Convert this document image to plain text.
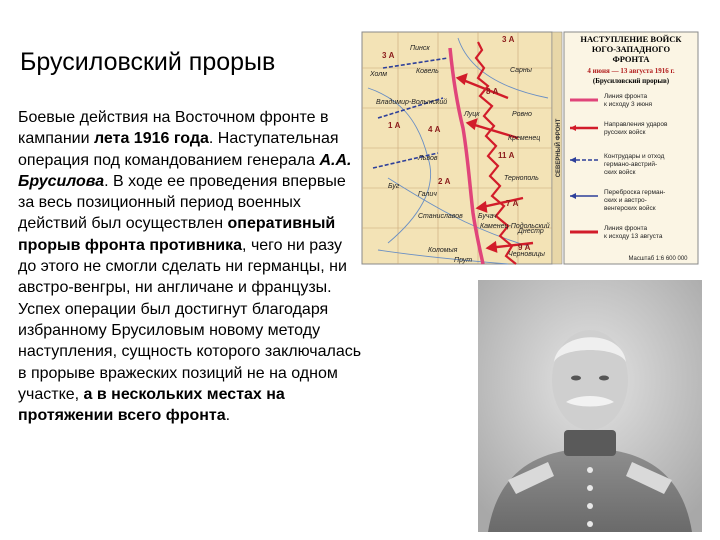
Брусиловский прорыв

Боевые действия на Восточном фронте в кампании лета 1916 года. Наступательная операция под командованием генерала А.А. Брусилова. В ходе ее проведения впервые за весь позиционный период военных действий был осуществлен оперативный прорыв фронта противника, чего ни разу до этого не смогли сделать ни германцы, ни австро-венгры, ни англичане и французы. Успех операции был достигнут благодаря избранному Брусиловым новому методу наступления, сущность которого заключалась в прорыве вражеских позиций не на одном участке, а в нескольких местах на протяжении всего фронта.

Пинск
Ковель	Сарны
Холм
Луцк	Ровно
Владимир-Волынский
Кременец
Львов
Тернополь
Галич
Бучач
Каменец-Подольский
Станиславов
Черновицы
Коломыя
Буг
Днестр
Прут
3 А
8 А
11 А
7 А
9 А
1 А	4 А
2 А
3 А
СЕВЕРНЫЙ ФРОНТ
НАСТУПЛЕНИЕ ВОЙСК
ЮГО-ЗАПАДНОГО
ФРОНТА
4 июня — 13 августа 1916 г.
(Брусиловский прорыв)
Линия фронта
к исходу 3 июня
Направления ударов
русских войск
Контрудары и отход
германо-австрий-
ских войск
Переброска герман-
ских и австро-
венгерских войск
Линия фронта
к исходу 13 августа
Масштаб 1:6 600 000
